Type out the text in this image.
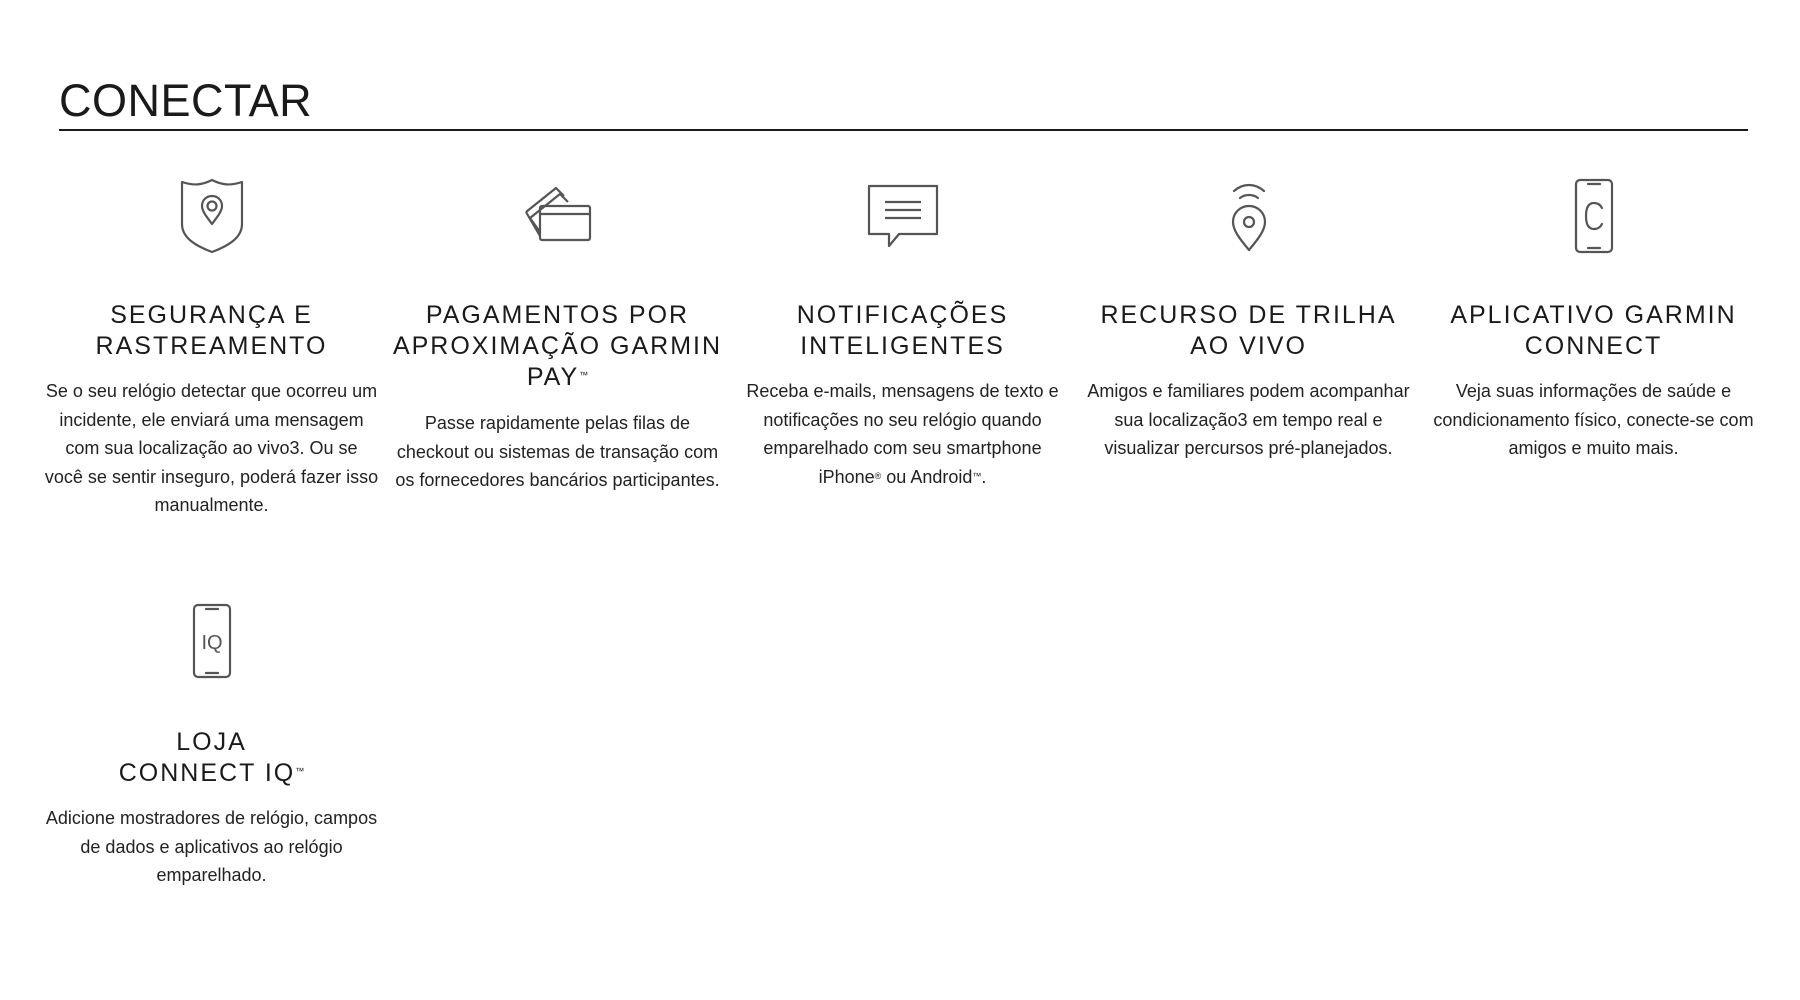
CONECTAR
SEGURANÇA E
RASTREAMENTO

Se o seu relógio detectar que ocorreu um incidente, ele enviará uma mensagem com sua localização ao vivo3. Ou se você se sentir inseguro, poderá fazer isso manualmente.

PAGAMENTOS POR
APROXIMAÇÃO GARMIN
PAY™

Passe rapidamente pelas filas de checkout ou sistemas de transação com os fornecedores bancários participantes.

NOTIFICAÇÕES
INTELIGENTES

Receba e-mails, mensagens de texto e notificações no seu relógio quando emparelhado com seu smartphone iPhone® ou Android™.

RECURSO DE TRILHA
AO VIVO

Amigos e familiares podem acompanhar sua localização3 em tempo real e visualizar percursos pré-planejados.

APLICATIVO GARMIN
CONNECT

Veja suas informações de saúde e condicionamento físico, conecte-se com amigos e muito mais.

IQ
LOJA
CONNECT IQ™

Adicione mostradores de relógio, campos de dados e aplicativos ao relógio emparelhado.
